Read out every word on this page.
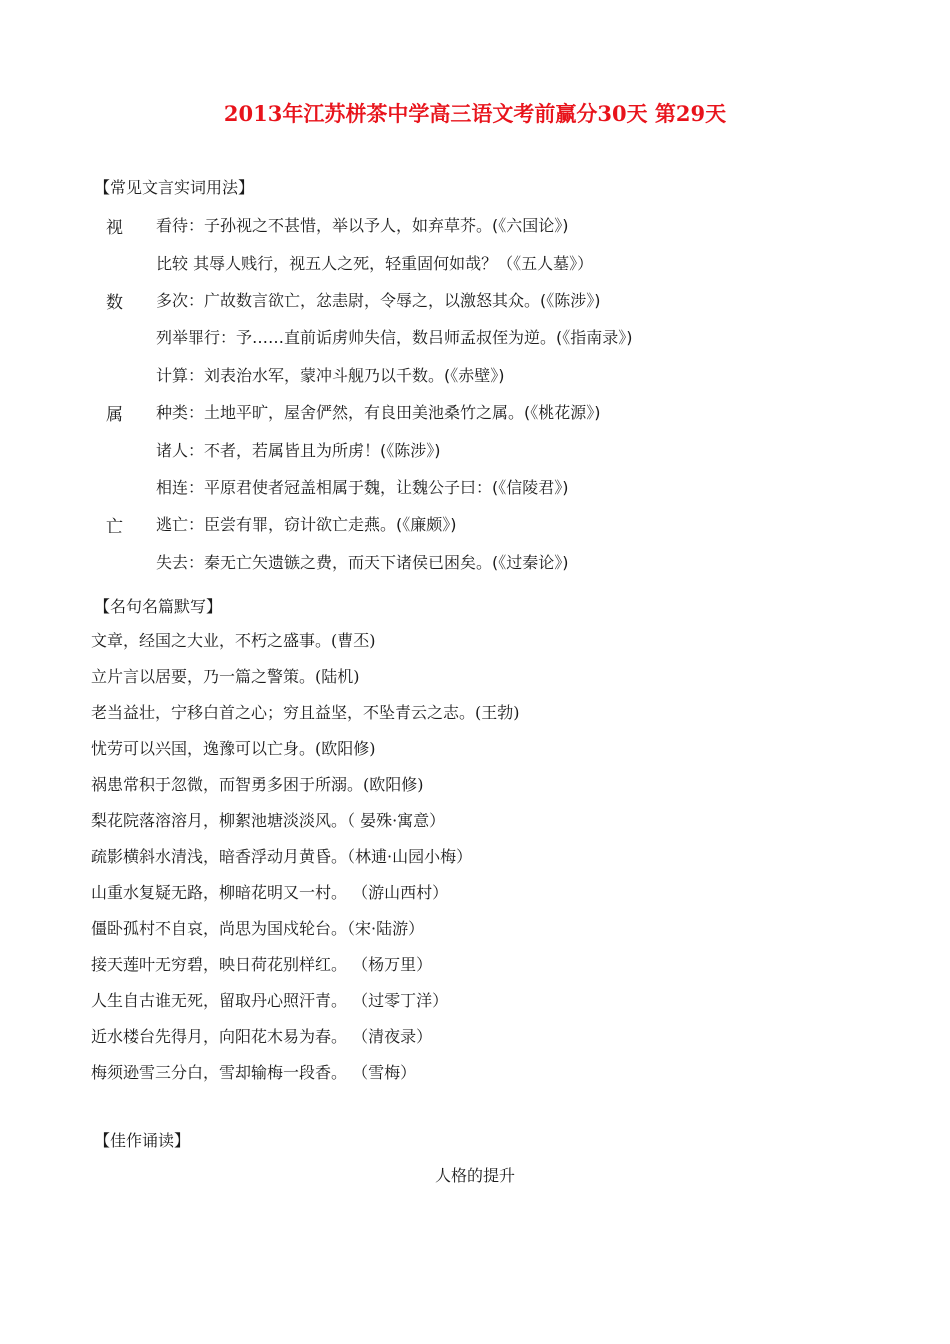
2013年江苏栟茶中学高三语文考前赢分30天 第29天
【常见文言实词用法】
视 看待：子孙视之不甚惜，举以予人，如弃草芥。(《六国论》)
比较 其辱人贱行，视五人之死，轻重固何如哉？（《五人墓》）
数 多次：广故数言欲亡，忿恚尉，令辱之，以激怒其众。(《陈涉》)
列举罪行：予……直前诟虏帅失信，数吕师孟叔侄为逆。(《指南录》)
计算：刘表治水军，蒙冲斗舰乃以千数。(《赤壁》)
属 种类：土地平旷，屋舍俨然，有良田美池桑竹之属。(《桃花源》)
诸人：不者，若属皆且为所虏！(《陈涉》)
相连：平原君使者冠盖相属于魏，让魏公子曰：(《信陵君》)
亡 逃亡：臣尝有罪，窃计欲亡走燕。(《廉颇》)
失去：秦无亡矢遗镞之费，而天下诸侯已困矣。(《过秦论》)
【名句名篇默写】
文章，经国之大业，不朽之盛事。(曹丕)
立片言以居要，乃一篇之警策。(陆机)
老当益壮，宁移白首之心；穷且益坚，不坠青云之志。(王勃)
忧劳可以兴国，逸豫可以亡身。(欧阳修)
祸患常积于忽微，而智勇多困于所溺。(欧阳修)
梨花院落溶溶月，柳絮池塘淡淡风。（ 晏殊·寓意）
疏影横斜水清浅，暗香浮动月黄昏。（林逋·山园小梅）
山重水复疑无路，柳暗花明又一村。 （游山西村）
僵卧孤村不自哀，尚思为国戍轮台。（宋·陆游）
接天莲叶无穷碧，映日荷花别样红。 （杨万里）
人生自古谁无死，留取丹心照汗青。 （过零丁洋）
近水楼台先得月，向阳花木易为春。 （清夜录）
梅须逊雪三分白，雪却输梅一段香。 （雪梅）
【佳作诵读】
人格的提升
